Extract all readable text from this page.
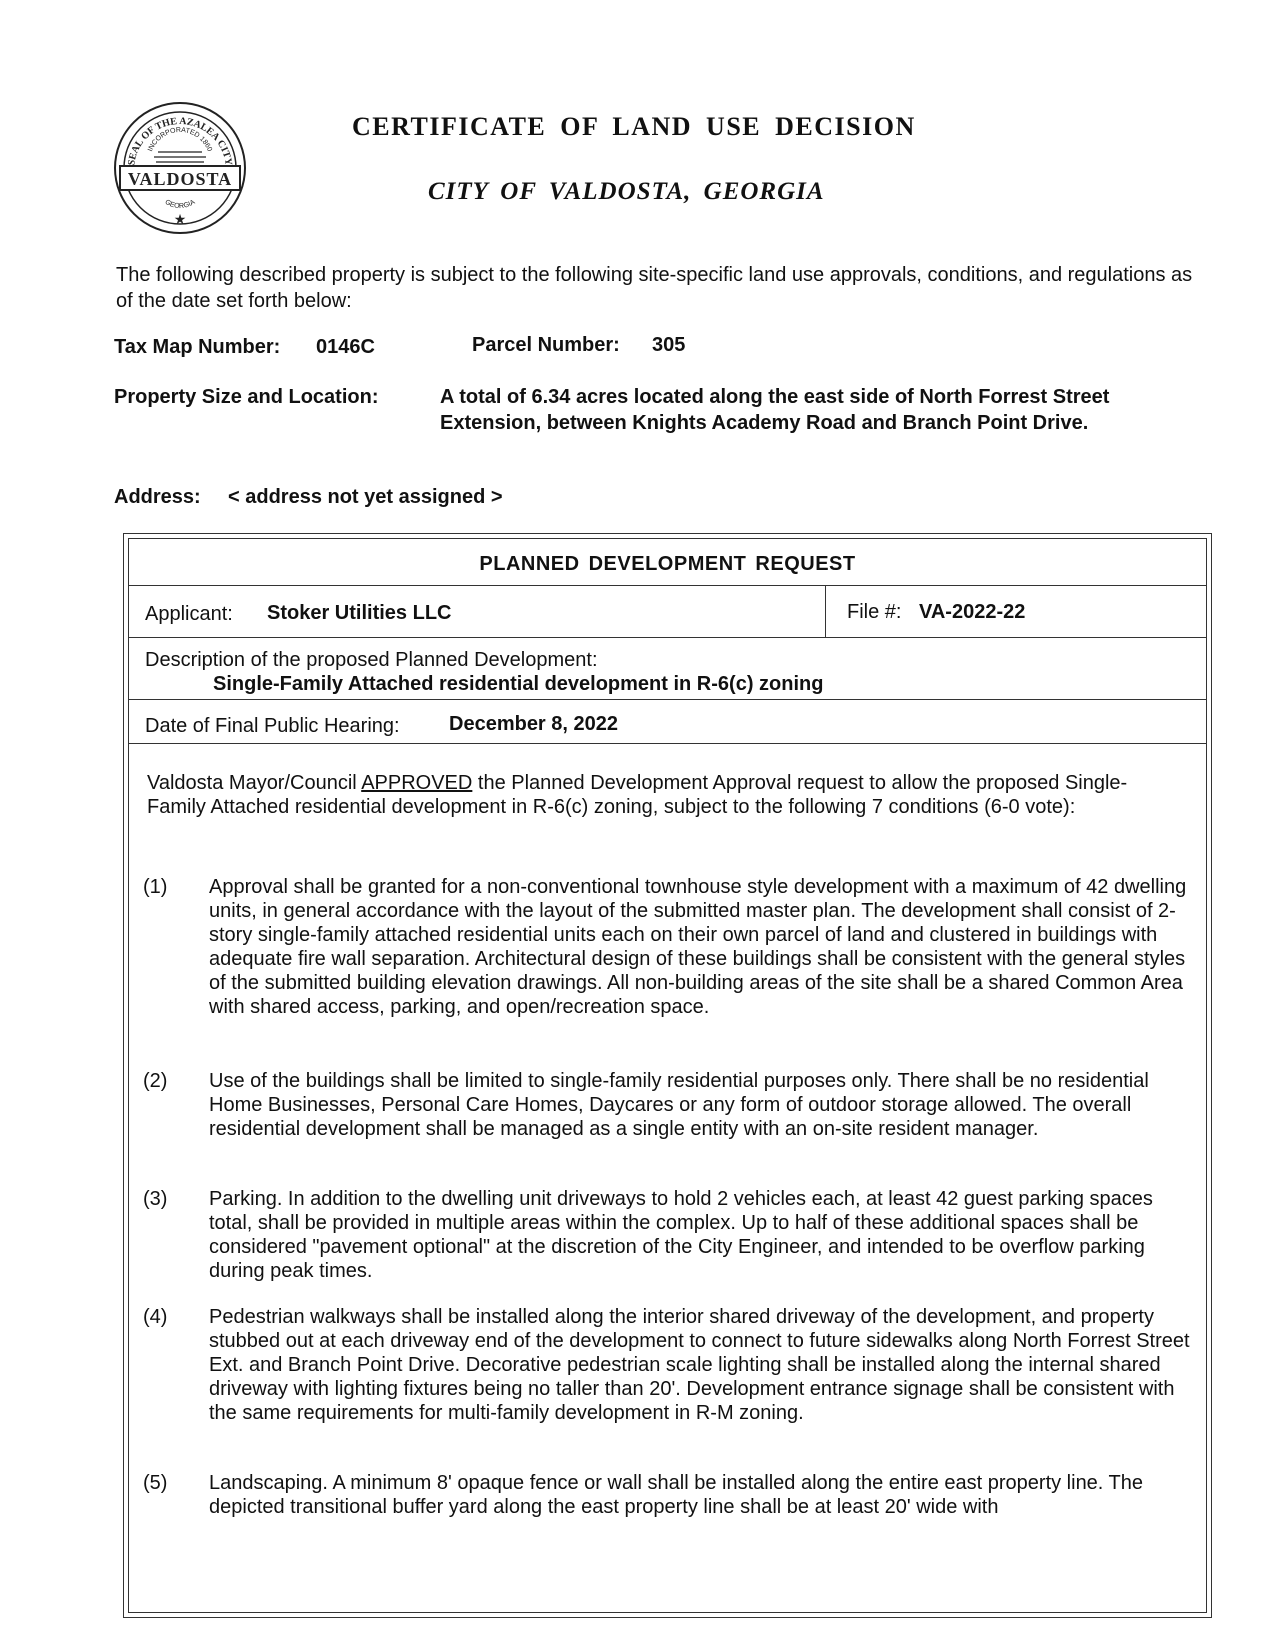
SEAL OF THE AZALEA CITY
INCORPORATED 1860
VALDOSTA
GEORGIA
★
CERTIFICATE OF LAND USE DECISION
CITY OF VALDOSTA, GEORGIA
The following described property is subject to the following site-specific land use approvals, conditions, and regulations as of the date set forth below:
Tax Map Number: 0146C	Parcel Number: 305
Property Size and Location:	A total of 6.34 acres located along the east side of North Forrest Street Extension, between Knights Academy Road and Branch Point Drive.
Address: < address not yet assigned >
PLANNED DEVELOPMENT REQUEST
Applicant: Stoker Utilities LLC	File #: VA-2022-22
Description of the proposed Planned Development:
Single-Family Attached residential development in R-6(c) zoning
Date of Final Public Hearing: December 8, 2022
Valdosta Mayor/Council APPROVED the Planned Development Approval request to allow the proposed Single-Family Attached residential development in R-6(c) zoning, subject to the following 7 conditions (6-0 vote):
(1)	Approval shall be granted for a non-conventional townhouse style development with a maximum of 42 dwelling units, in general accordance with the layout of the submitted master plan. The development shall consist of 2-story single-family attached residential units each on their own parcel of land and clustered in buildings with adequate fire wall separation. Architectural design of these buildings shall be consistent with the general styles of the submitted building elevation drawings. All non-building areas of the site shall be a shared Common Area with shared access, parking, and open/recreation space.
(2)	Use of the buildings shall be limited to single-family residential purposes only. There shall be no residential Home Businesses, Personal Care Homes, Daycares or any form of outdoor storage allowed. The overall residential development shall be managed as a single entity with an on-site resident manager.
(3)	Parking. In addition to the dwelling unit driveways to hold 2 vehicles each, at least 42 guest parking spaces total, shall be provided in multiple areas within the complex. Up to half of these additional spaces shall be considered "pavement optional" at the discretion of the City Engineer, and intended to be overflow parking during peak times.
(4)	Pedestrian walkways shall be installed along the interior shared driveway of the development, and property stubbed out at each driveway end of the development to connect to future sidewalks along North Forrest Street Ext. and Branch Point Drive. Decorative pedestrian scale lighting shall be installed along the internal shared driveway with lighting fixtures being no taller than 20'. Development entrance signage shall be consistent with the same requirements for multi-family development in R-M zoning.
(5)	Landscaping. A minimum 8' opaque fence or wall shall be installed along the entire east property line. The depicted transitional buffer yard along the east property line shall be at least 20' wide with
